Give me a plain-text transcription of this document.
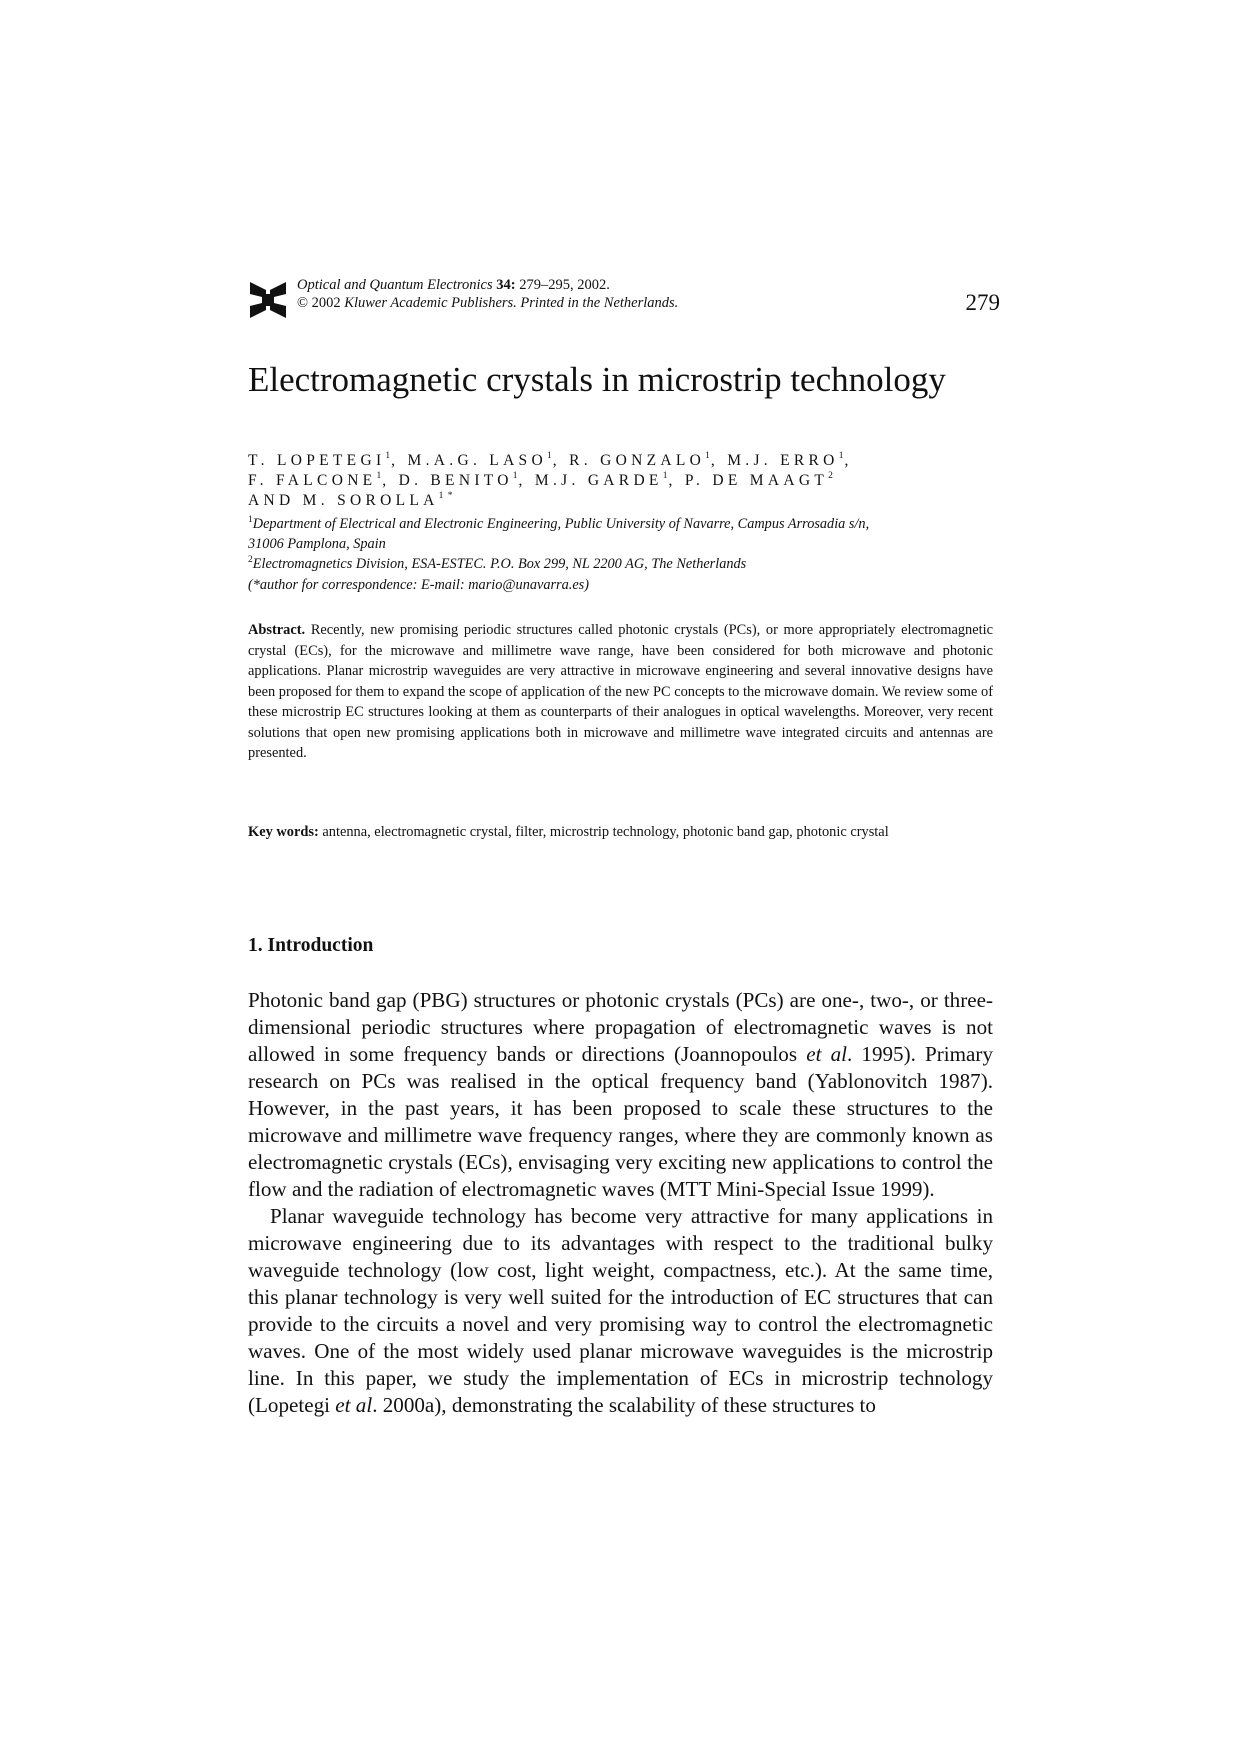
Optical and Quantum Electronics 34: 279–295, 2002.
© 2002 Kluwer Academic Publishers. Printed in the Netherlands.	279
Electromagnetic crystals in microstrip technology
T. LOPETEGI$^1$, M.A.G. LASO$^1$, R. GONZALO$^1$, M.J. ERRO$^1$,
F. FALCONE$^1$, D. BENITO$^1$, M.J. GARDE$^1$, P. DE MAAGT$^2$
AND M. $SOROLLA^{1 *}$
$^1$Department of Electrical and Electronic Engineering, Public University of Navarre, Campus Arrosadia s/n,
31006 Pamplona, Spain
$^2$Electromagnetics Division, ESA-ESTEC. P.O. Box 299, NL 2200 AG, The Netherlands
(*author for correspondence: E-mail: mario@unavarra.es)
Abstract. Recently, new promising periodic structures called photonic crystals (PCs), or more appropriately electromagnetic crystal (ECs), for the microwave and millimetre wave range, have been considered for both microwave and photonic applications. Planar microstrip waveguides are very attractive in microwave engineering and several innovative designs have been proposed for them to expand the scope of application of the new PC concepts to the microwave domain. We review some of these microstrip EC structures looking at them as counterparts of their analogues in optical wavelengths. Moreover, very recent solutions that open new promising applications both in microwave and millimetre wave integrated circuits and antennas are presented.
Key words: antenna, electromagnetic crystal, filter, microstrip technology, photonic band gap, photonic crystal
1. Introduction

Photonic band gap (PBG) structures or photonic crystals (PCs) are one-, two-, or three-dimensional periodic structures where propagation of electromagnetic waves is not allowed in some frequency bands or directions (Joannopoulos et al. 1995). Primary research on PCs was realised in the optical frequency band (Yablonovitch 1987). However, in the past years, it has been proposed to scale these structures to the microwave and millimetre wave frequency ranges, where they are commonly known as electromagnetic crystals (ECs), envisaging very exciting new applications to control the flow and the radiation of electromagnetic waves (MTT Mini-Special Issue 1999).

Planar waveguide technology has become very attractive for many applications in microwave engineering due to its advantages with respect to the traditional bulky waveguide technology (low cost, light weight, compactness, etc.). At the same time, this planar technology is very well suited for the introduction of EC structures that can provide to the circuits a novel and very promising way to control the electromagnetic waves. One of the most widely used planar microwave waveguides is the microstrip line. In this paper, we study the implementation of ECs in microstrip technology (Lopetegi et al. 2000a), demonstrating the scalability of these structures to
